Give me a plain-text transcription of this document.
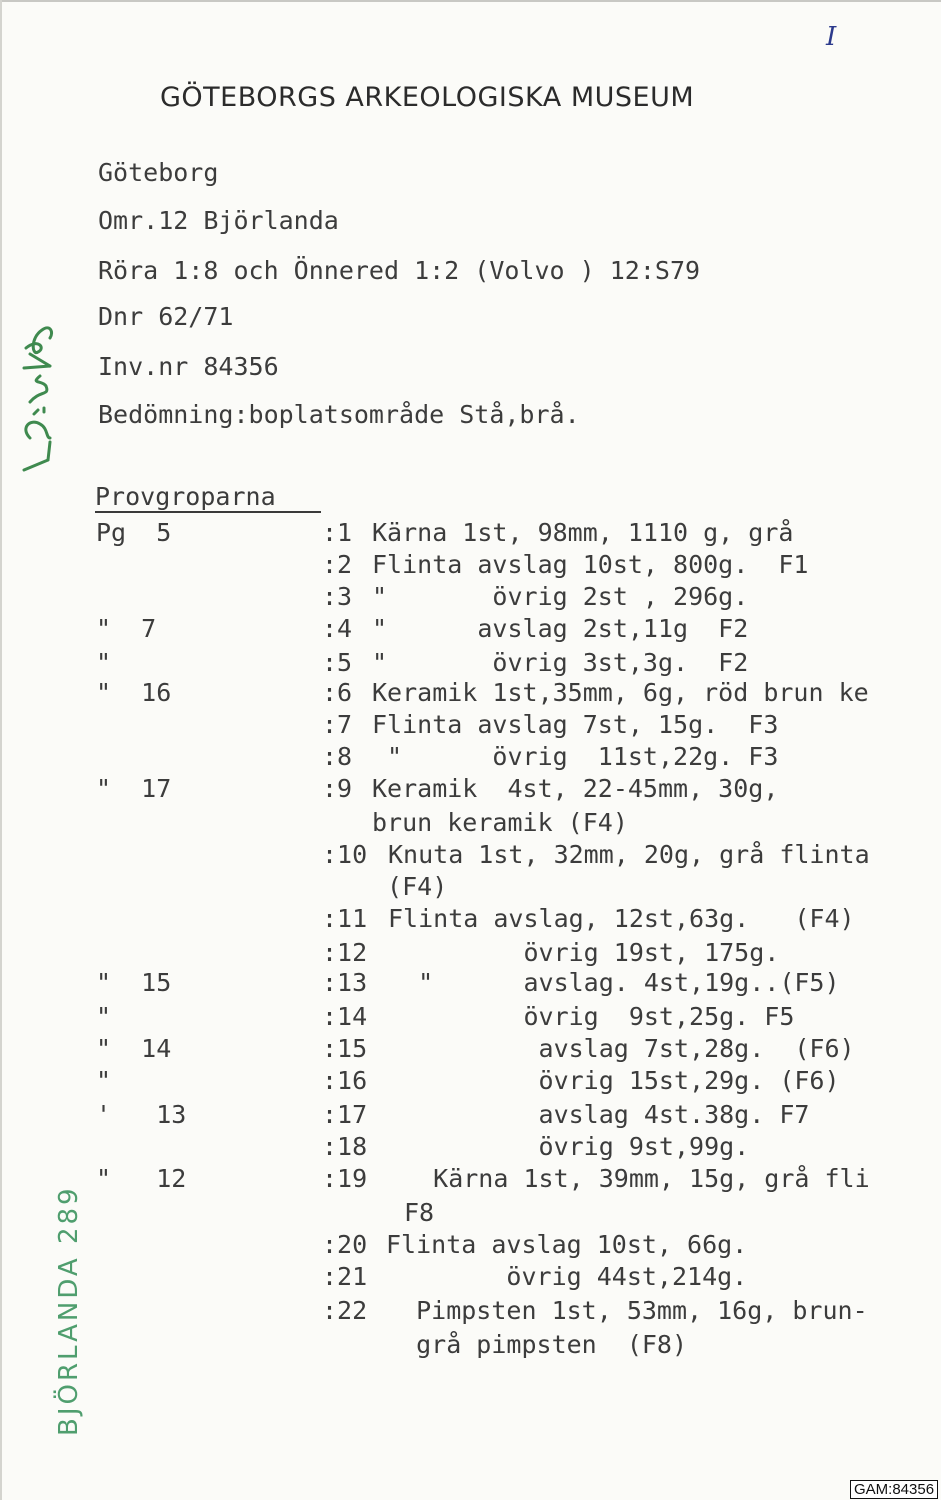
I
GÖTEBORGS ARKEOLOGISKA MUSEUM
Göteborg
Omr.12 Björlanda
Röra 1:8 och Önnered 1:2 (Volvo ) 12:S79
Dnr 62/71
Inv.nr 84356
Bedömning:boplatsområde Stå,brå.
Provgroparna
Pg  5	:1 Kärna 1st, 98mm, 1110 g, grå
:2 Flinta avslag 10st, 800g.  F1
:3 "       övrig 2st , 296g.
"  7	:4 "      avslag 2st,11g  F2
"	:5 "       övrig 3st,3g.  F2
"  16	:6 Keramik 1st,35mm, 6g, röd brun ke
:7 Flinta avslag 7st, 15g.  F3
:8 "      övrig  11st,22g. F3
"  17	:9 Keramik  4st, 22-45mm, 30g,
brun keramik (F4)
:10 Knuta 1st, 32mm, 20g, grå flinta
(F4)
:11 Flinta avslag, 12st,63g.   (F4)
:12 övrig 19st, 175g.
"  15	:13 "      avslag. 4st,19g..(F5)
"	:14 övrig  9st,25g. F5
"  14	:15 avslag 7st,28g.  (F6)
"	:16 övrig 15st,29g. (F6)
'   13	:17 avslag 4st.38g. F7
:18 övrig 9st,99g.
"   12	:19 Kärna 1st, 39mm, 15g, grå fli
F8
:20 Flinta avslag 10st, 66g.
:21 övrig 44st,214g.
:22 Pimpsten 1st, 53mm, 16g, brun-
grå pimpsten  (F8)
BJÖRLANDA 289
GAM:84356
